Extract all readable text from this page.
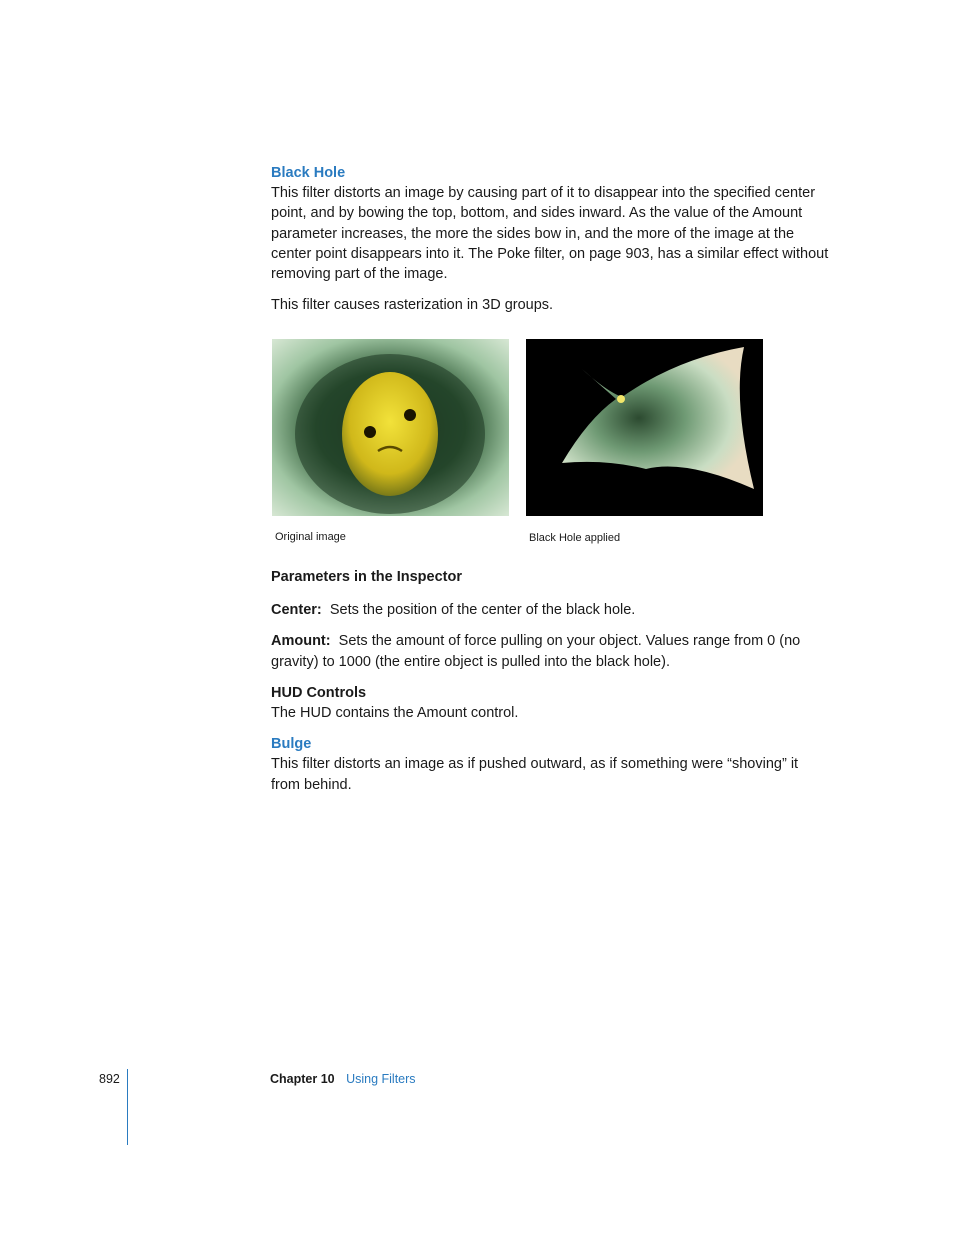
Black Hole

This filter distorts an image by causing part of it to disappear into the specified center point, and by bowing the top, bottom, and sides inward. As the value of the Amount parameter increases, the more the sides bow in, and the more of the image at the center point disappears into it. The Poke filter, on page 903, has a similar effect without removing part of the image.

This filter causes rasterization in 3D groups.

Original image	Black Hole applied
Parameters in the Inspector

Center: Sets the position of the center of the black hole.

Amount: Sets the amount of force pulling on your object. Values range from 0 (no gravity) to 1000 (the entire object is pulled into the black hole).

HUD Controls

The HUD contains the Amount control.

Bulge

This filter distorts an image as if pushed outward, as if something were “shoving” it from behind.

892	Chapter 10 Using Filters
